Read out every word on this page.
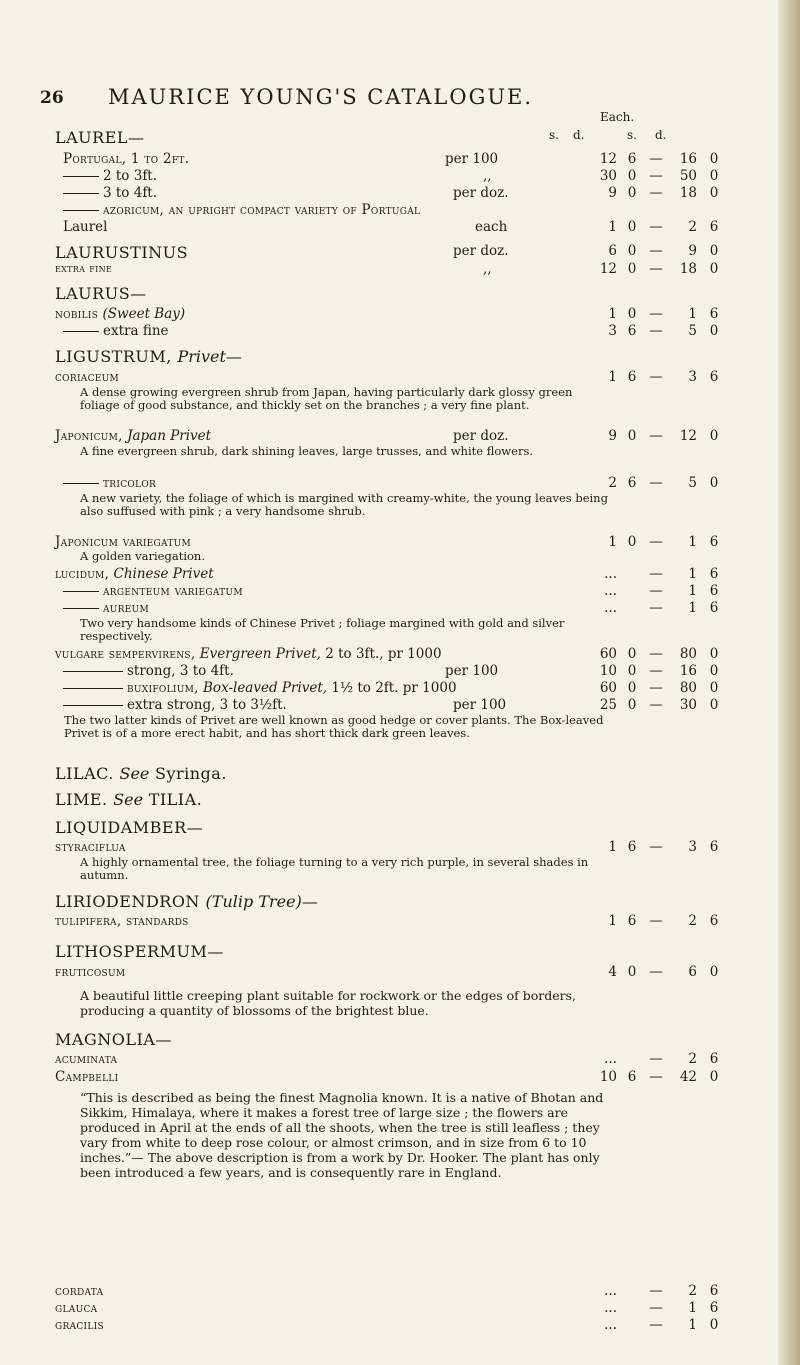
26 MAURICE YOUNG'S CATALOGUE.
Each.
s. d.	s. d.
LAUREL—
Portugal, 1 to 2ft.	per 100	12 6 —	16 0
2 to 3ft.	,,	30 0 —	50 0
3 to 4ft.	per doz.	9 0 —	18 0
azoricum, an upright compact variety of Portugal
Laurel	each	1 0 —	2 6
LAURUSTINUS	per doz.	6 0 —	9 0
extra fine	,,	12 0 —	18 0
LAURUS—
nobilis (Sweet Bay)	1 0 —	1 6
extra fine	3 6 —	5 0
LIGUSTRUM, Privet—
coriaceum	1 6 —	3 6
A dense growing evergreen shrub from Japan, having particularly dark glossy green foliage of good substance, and thickly set on the branches ; a very fine plant.
Japonicum, Japan Privet	per doz.	9 0 —	12 0
A fine evergreen shrub, dark shining leaves, large trusses, and white flowers.
tricolor	2 6 —	5 0
A new variety, the foliage of which is margined with creamy-white, the young leaves being also suffused with pink ; a very handsome shrub.
Japonicum variegatum	1 0 —	1 6
A golden variegation.
lucidum, Chinese Privet	... —	1 6
argenteum variegatum	... —	1 6
aureum	... —	1 6
Two very handsome kinds of Chinese Privet ; foliage margined with gold and silver respectively.
vulgare sempervirens, Evergreen Privet, 2 to 3ft., pr 1000	60 0 —	80 0
strong, 3 to 4ft.	per 100	10 0 —	16 0
buxifolium, Box-leaved Privet, 1½ to 2ft. pr 1000	60 0 —	80 0
extra strong, 3 to 3½ft.	per 100	25 0 —	30 0
The two latter kinds of Privet are well known as good hedge or cover plants. The Box-leaved Privet is of a more erect habit, and has short thick dark green leaves.
LILAC. See Syringa.
LIME. See TILIA.
LIQUIDAMBER—
styraciflua	1 6 —	3 6
A highly ornamental tree, the foliage turning to a very rich purple, in several shades in autumn.
LIRIODENDRON (Tulip Tree)—
tulipifera, standards	1 6 —	2 6
LITHOSPERMUM—
fruticosum	4 0 —	6 0
A beautiful little creeping plant suitable for rockwork or the edges of borders, producing a quantity of blossoms of the brightest blue.
MAGNOLIA—
acuminata	... —	2 6
Campbelli	10 6 —	42 0
“This is described as being the finest Magnolia known. It is a native of Bhotan and Sikkim, Himalaya, where it makes a forest tree of large size ; the flowers are produced in April at the ends of all the shoots, when the tree is still leafless ; they vary from white to deep rose colour, or almost crimson, and in size from 6 to 10 inches.”— The above description is from a work by Dr. Hooker. The plant has only been introduced a few years, and is consequently rare in England.
cordata	... —	2 6
glauca	... —	1 6
gracilis	... —	1 0
